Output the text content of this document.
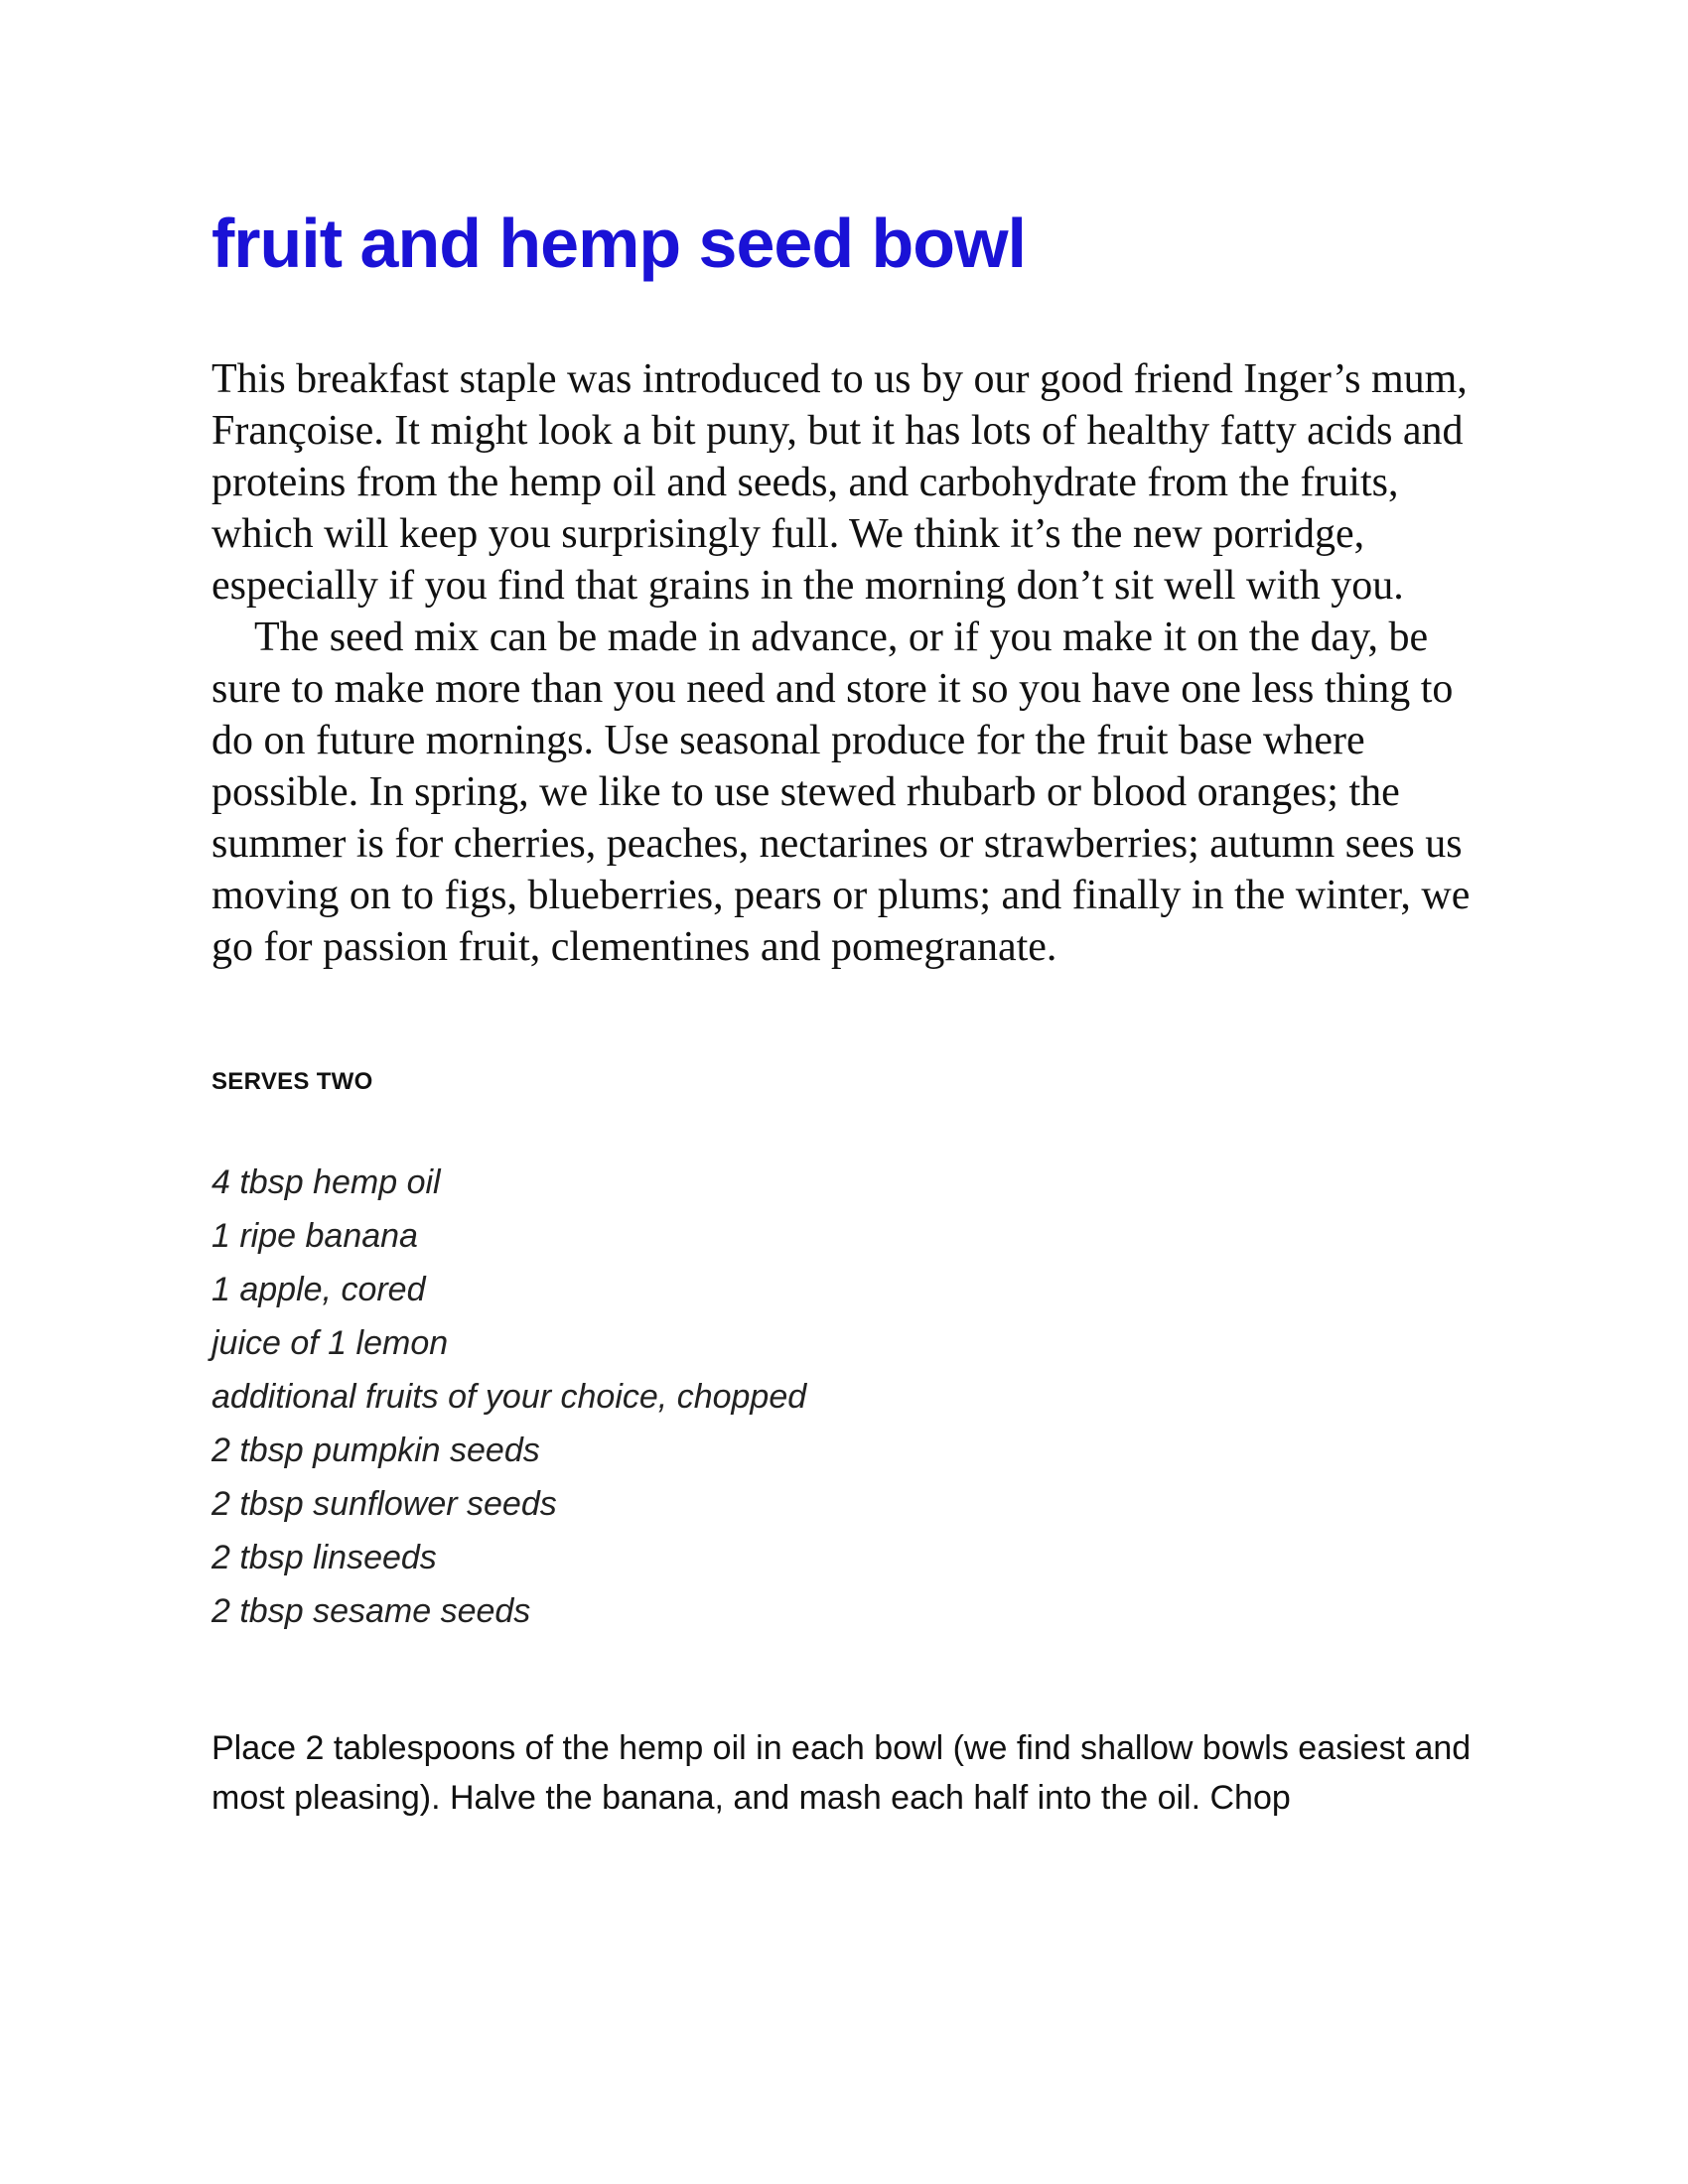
fruit and hemp seed bowl

This breakfast staple was introduced to us by our good friend Inger’s mum, Françoise. It might look a bit puny, but it has lots of healthy fatty acids and proteins from the hemp oil and seeds, and carbohydrate from the fruits, which will keep you surprisingly full. We think it’s the new porridge, especially if you find that grains in the morning don’t sit well with you.

The seed mix can be made in advance, or if you make it on the day, be sure to make more than you need and store it so you have one less thing to do on future mornings. Use seasonal produce for the fruit base where possible. In spring, we like to use stewed rhubarb or blood oranges; the summer is for cherries, peaches, nectarines or strawberries; autumn sees us moving on to figs, blueberries, pears or plums; and finally in the winter, we go for passion fruit, clementines and pomegranate.

SERVES TWO
4 tbsp hemp oil
1 ripe banana
1 apple, cored
juice of 1 lemon
additional fruits of your choice, chopped
2 tbsp pumpkin seeds
2 tbsp sunflower seeds
2 tbsp linseeds
2 tbsp sesame seeds

Place 2 tablespoons of the hemp oil in each bowl (we find shallow bowls easiest and most pleasing). Halve the banana, and mash each half into the oil. Chop
